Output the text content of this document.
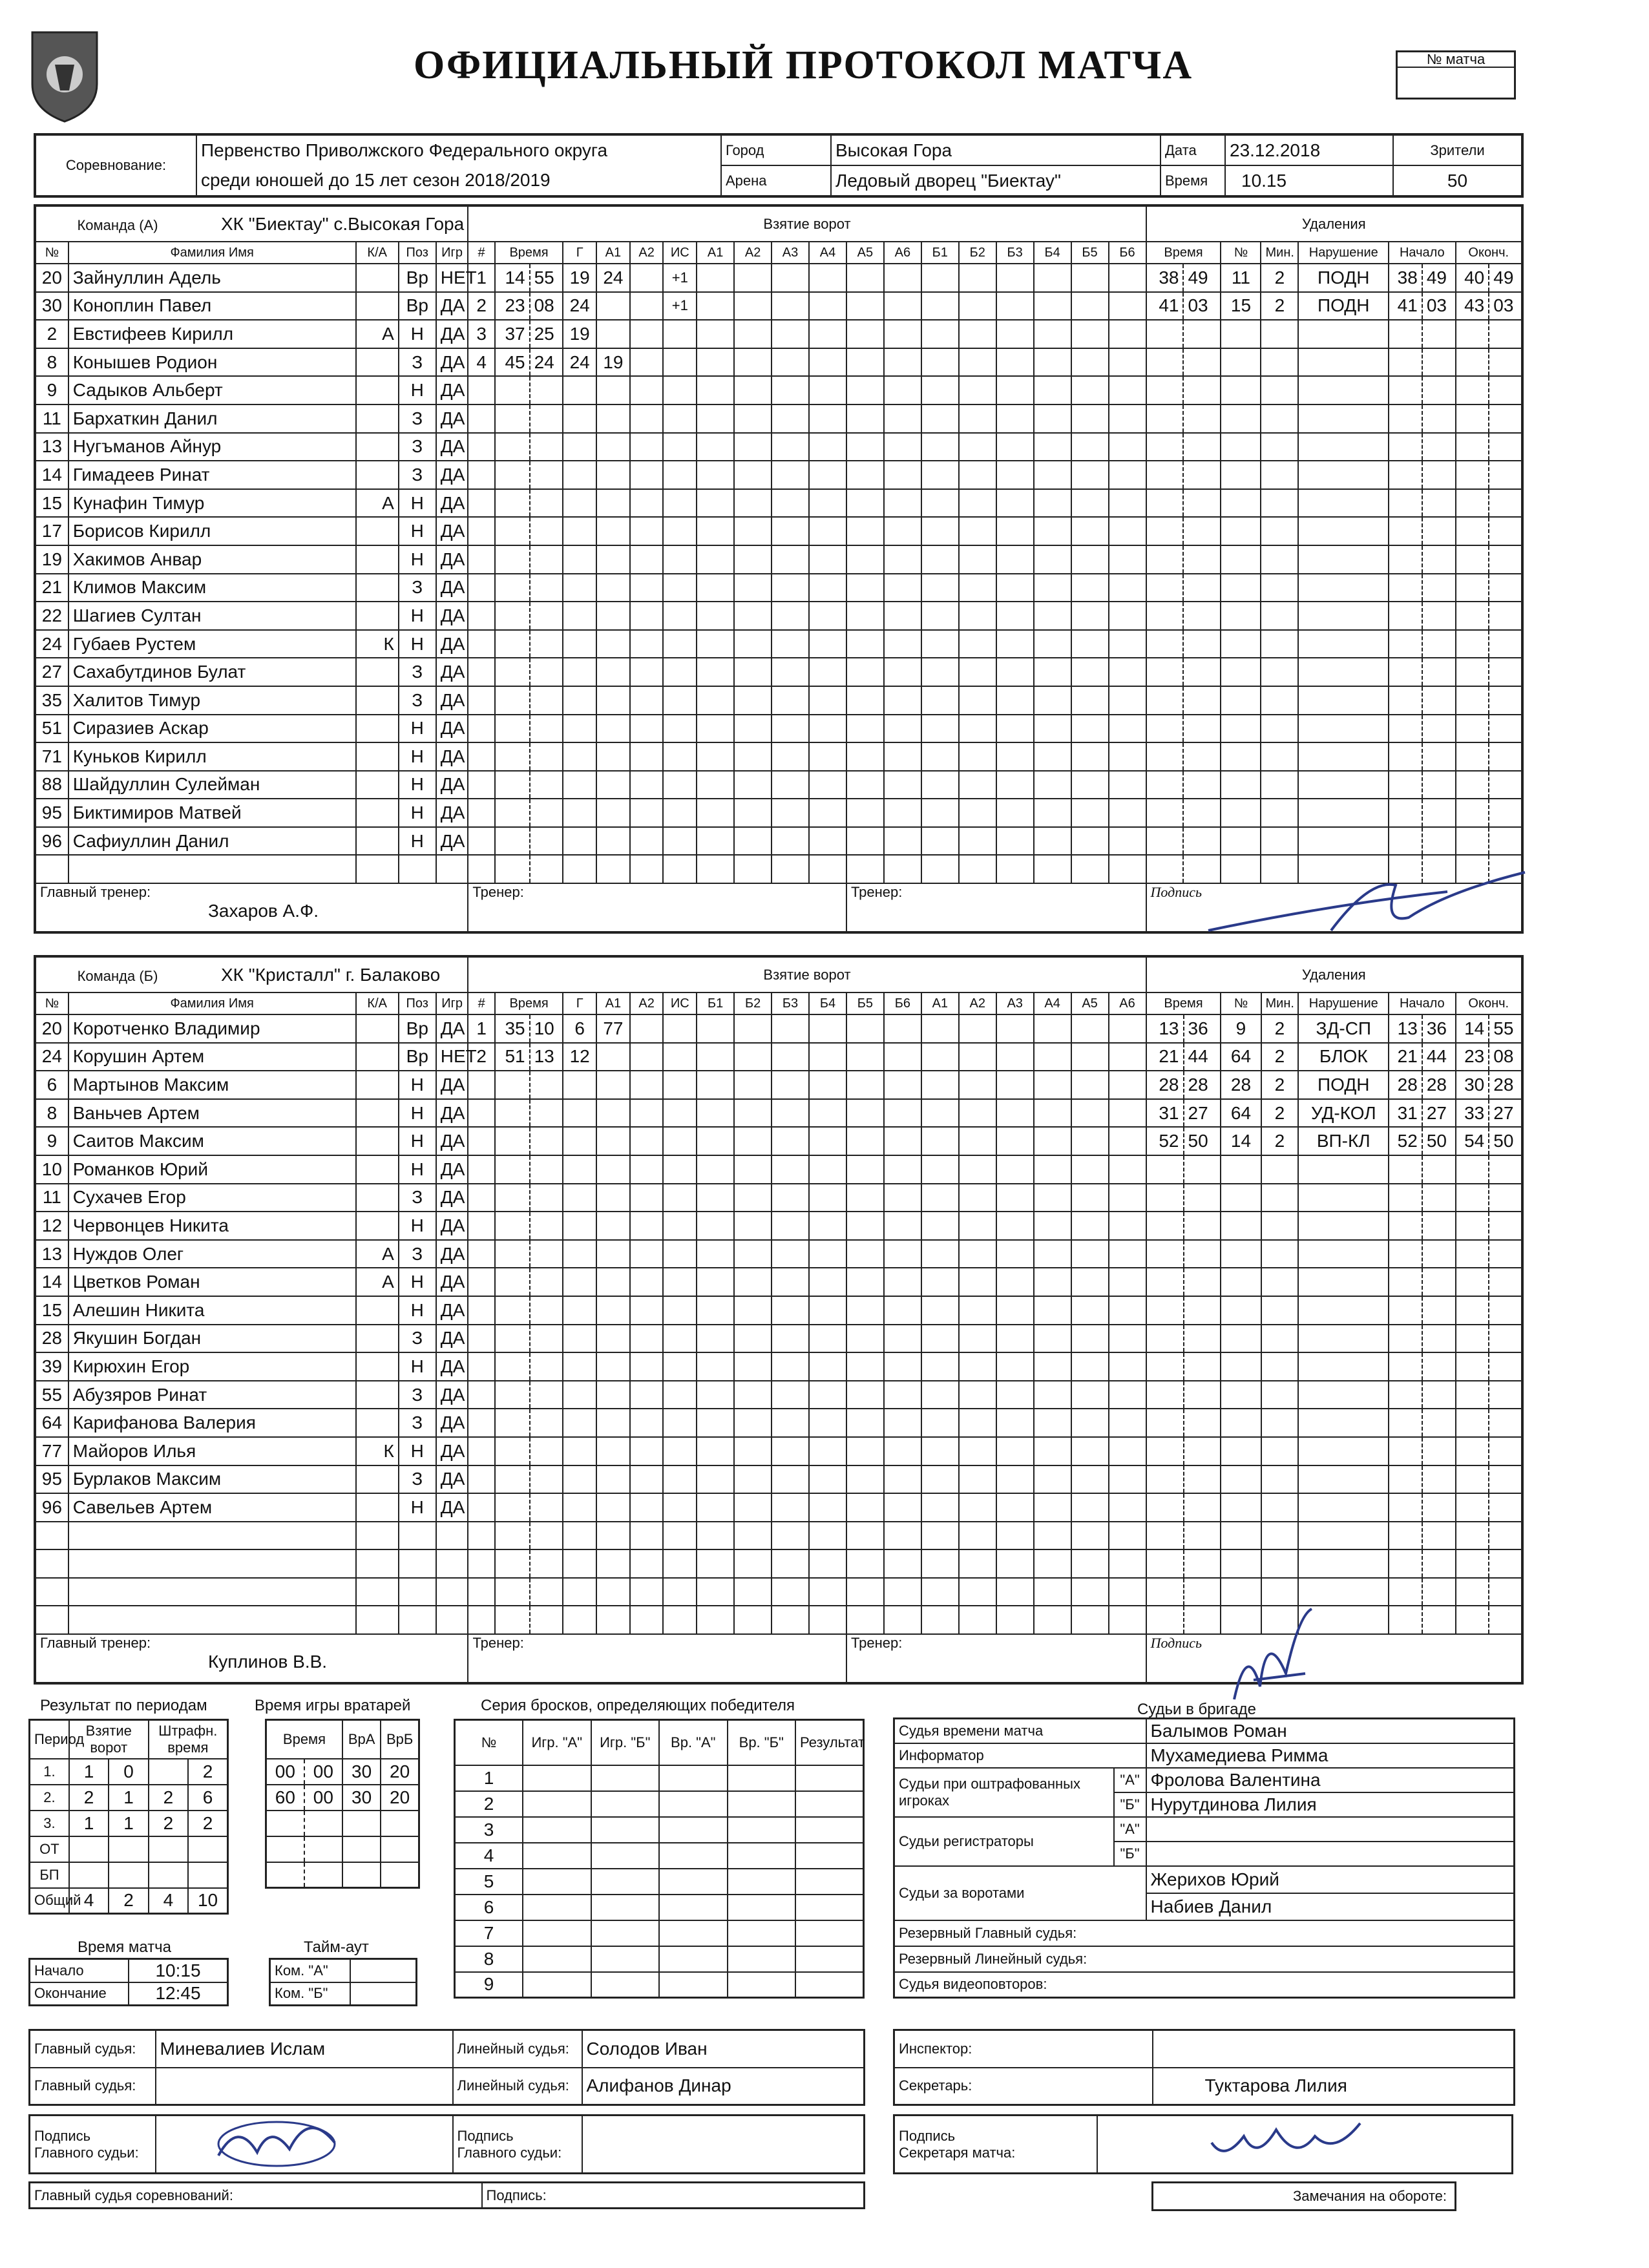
ОФИЦИАЛЬНЫЙ ПРОТОКОЛ МАТЧА	№ матча
Соревнование:	Первенство Приволжского Федерального округа	Город	Высокая Гора	Дата	23.12.2018	Зрители
	среди юношей до 15 лет сезон 2018/2019	Арена	Ледовый дворец "Биектау"	Время	10.15	50
Команда (А) ХК "Биектау" с.Высокая Гора					Взятие ворот																			Удаления								
№	Фамилия Имя	К/А	Поз	Игр	#	Время		Г	А1	А2	ИС	А1	А2	А3	А4	А5	А6	Б1	Б2	Б3	Б4	Б5	Б6	Время		№	Мин.	Нарушение	Начало		Оконч.	
20	Зайнуллин Адель		Вр	НЕТ	1	14	55	19	24		+1													38	49	11	2	ПОДН	38	49	40	49
30	Коноплин Павел		Вр	ДА	2	23	08	24			+1													41	03	15	2	ПОДН	41	03	43	03
2	Евстифеев Кирилл	А	Н	ДА	3	37	25	19																								
8	Конышев Родион		З	ДА	4	45	24	24	19																							
9	Садыков Альберт		Н	ДА																												
11	Бархаткин Данил		З	ДА																												
13	Нугъманов Айнур		З	ДА																												
14	Гимадеев Ринат		З	ДА																												
15	Кунафин Тимур	А	Н	ДА																												
17	Борисов Кирилл		Н	ДА																												
19	Хакимов Анвар		Н	ДА																												
21	Климов Максим		З	ДА																												
22	Шагиев Султан		Н	ДА																												
24	Губаев Рустем	К	Н	ДА																												
27	Сахабутдинов Булат		З	ДА																												
35	Халитов Тимур		З	ДА																												
51	Сиразиев Аскар		Н	ДА																												
71	Куньков Кирилл		Н	ДА																												
88	Шайдуллин Сулейман		Н	ДА																												
95	Биктимиров Матвей		Н	ДА																												
96	Сафиуллин Данил		Н	ДА																												

Главный тренер:
Захаров А.Ф.					Тренер:											Тренер:								Подпись								
Команда (Б) ХК "Кристалл" г. Балаково					Взятие ворот																			Удаления								
№	Фамилия Имя	К/А	Поз	Игр	#	Время		Г	А1	А2	ИС	Б1	Б2	Б3	Б4	Б5	Б6	А1	А2	А3	А4	А5	А6	Время		№	Мин.	Нарушение	Начало		Оконч.	
20	Коротченко Владимир		Вр	ДА	1	35	10	6	77															13	36	9	2	ЗД-СП	13	36	14	55
24	Корушин Артем		Вр	НЕТ	2	51	13	12																21	44	64	2	БЛОК	21	44	23	08
6	Мартынов Максим		Н	ДА																				28	28	28	2	ПОДН	28	28	30	28
8	Ваньчев Артем		Н	ДА																				31	27	64	2	УД-КОЛ	31	27	33	27
9	Саитов Максим		Н	ДА																				52	50	14	2	ВП-КЛ	52	50	54	50
10	Романков Юрий		Н	ДА																												
11	Сухачев Егор		З	ДА																												
12	Червонцев Никита		Н	ДА																												
13	Нуждов Олег	А	З	ДА																												
14	Цветков Роман	А	Н	ДА																												
15	Алешин Никита		Н	ДА																												
28	Якушин Богдан		З	ДА																												
39	Кирюхин Егор		Н	ДА																												
55	Абузяров Ринат		З	ДА																												
64	Карифанова Валерия		З	ДА																												
77	Майоров Илья	К	Н	ДА																												
95	Бурлаков Максим		З	ДА																												
96	Савельев Артем		Н	ДА																												

Главный тренер:
Куплинов В.В.					Тренер:											Тренер:								Подпись								
Результат по периодам
Период	Взятие ворот		Штрафн. время	
1.	1	0		2
2.	2	1	2	6
3.	1	1	2	2
ОТ				
БП				
Общий	4	2	4	10
Время игры вратарей
Время		ВрА	ВрБ
00	00	30	20
60	00	30	20

Время матча
Начало	10:15
Окончание	12:45
Тайм-аут
Ком. "А"	
Ком. "Б"	
Серия бросков, определяющих победителя
№	Игр. "А"	Игр. "Б"	Вр. "А"	Вр. "Б"	Результат
1					
2					
3					
4					
5					
6					
7					
8					
9					
Судьи в бригаде
Судья времени матча		Балымов Роман
Информатор		Мухамедиева Римма
Судьи при оштрафованных игроках	"А"	Фролова Валентина
	"Б"	Нурутдинова Лилия
Судьи регистраторы	"А"	
	"Б"	
Судьи за воротами		Жерихов Юрий
		Набиев Данил
Резервный Главный судья:		
Резервный Линейный судья:		
Судья видеоповторов:		
Главный судья:	Миневалиев Ислам	Линейный судья:	Солодов Иван
Главный судья:		Линейный судья:	Алифанов Динар
Подпись
Главного судьи:		Подпись
Главного судьи:	
Главный судья соревнований:	Подпись:
Инспектор:	
Секретарь:	Туктарова Лилия
Подпись
Секретаря матча:	
Замечания на обороте:
